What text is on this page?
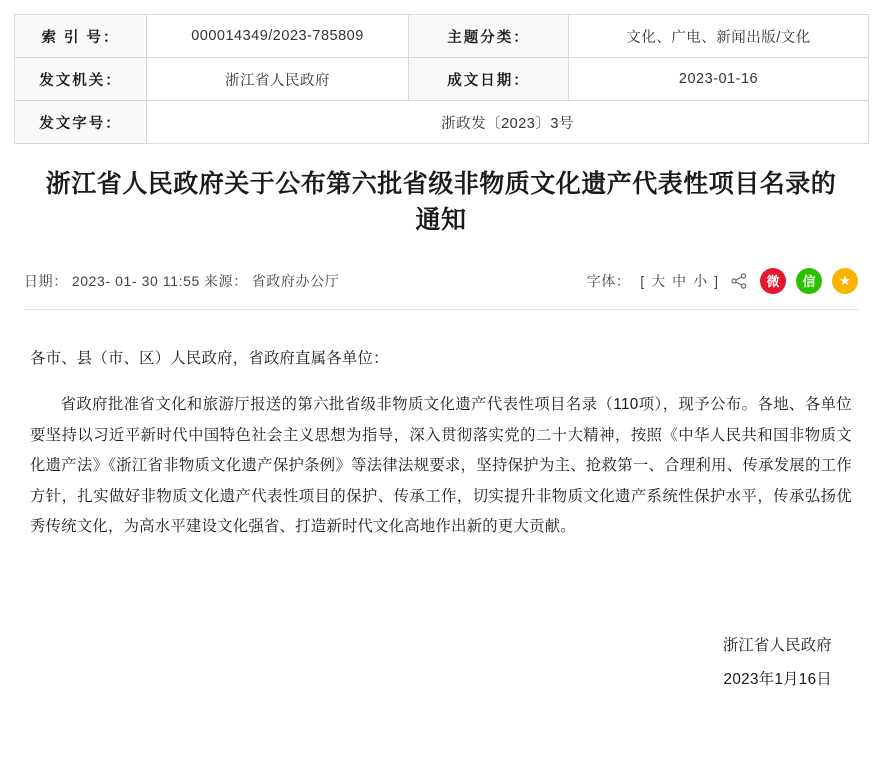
索 引 号：	000014349/2023-785809	主题分类：	文化、广电、新闻出版/文化
发文机关：	浙江省人民政府	成文日期：	2023-01-16
发文字号：	浙政发〔2023〕3号		
浙江省人民政府关于公布第六批省级非物质文化遗产代表性项目名录的通知
日期： 2023- 01- 30 11:55 来源： 省政府办公厅	字体： [ 大 中 小 ]	微	信	★

各市、县（市、区）人民政府，省政府直属各单位：

省政府批准省文化和旅游厅报送的第六批省级非物质文化遗产代表性项目名录（110项），现予公布。各地、各单位要坚持以习近平新时代中国特色社会主义思想为指导，深入贯彻落实党的二十大精神，按照《中华人民共和国非物质文化遗产法》《浙江省非物质文化遗产保护条例》等法律法规要求，坚持保护为主、抢救第一、合理利用、传承发展的工作方针，扎实做好非物质文化遗产代表性项目的保护、传承工作，切实提升非物质文化遗产系统性保护水平，传承弘扬优秀传统文化，为高水平建设文化强省、打造新时代文化高地作出新的更大贡献。

浙江省人民政府
2023年1月16日
